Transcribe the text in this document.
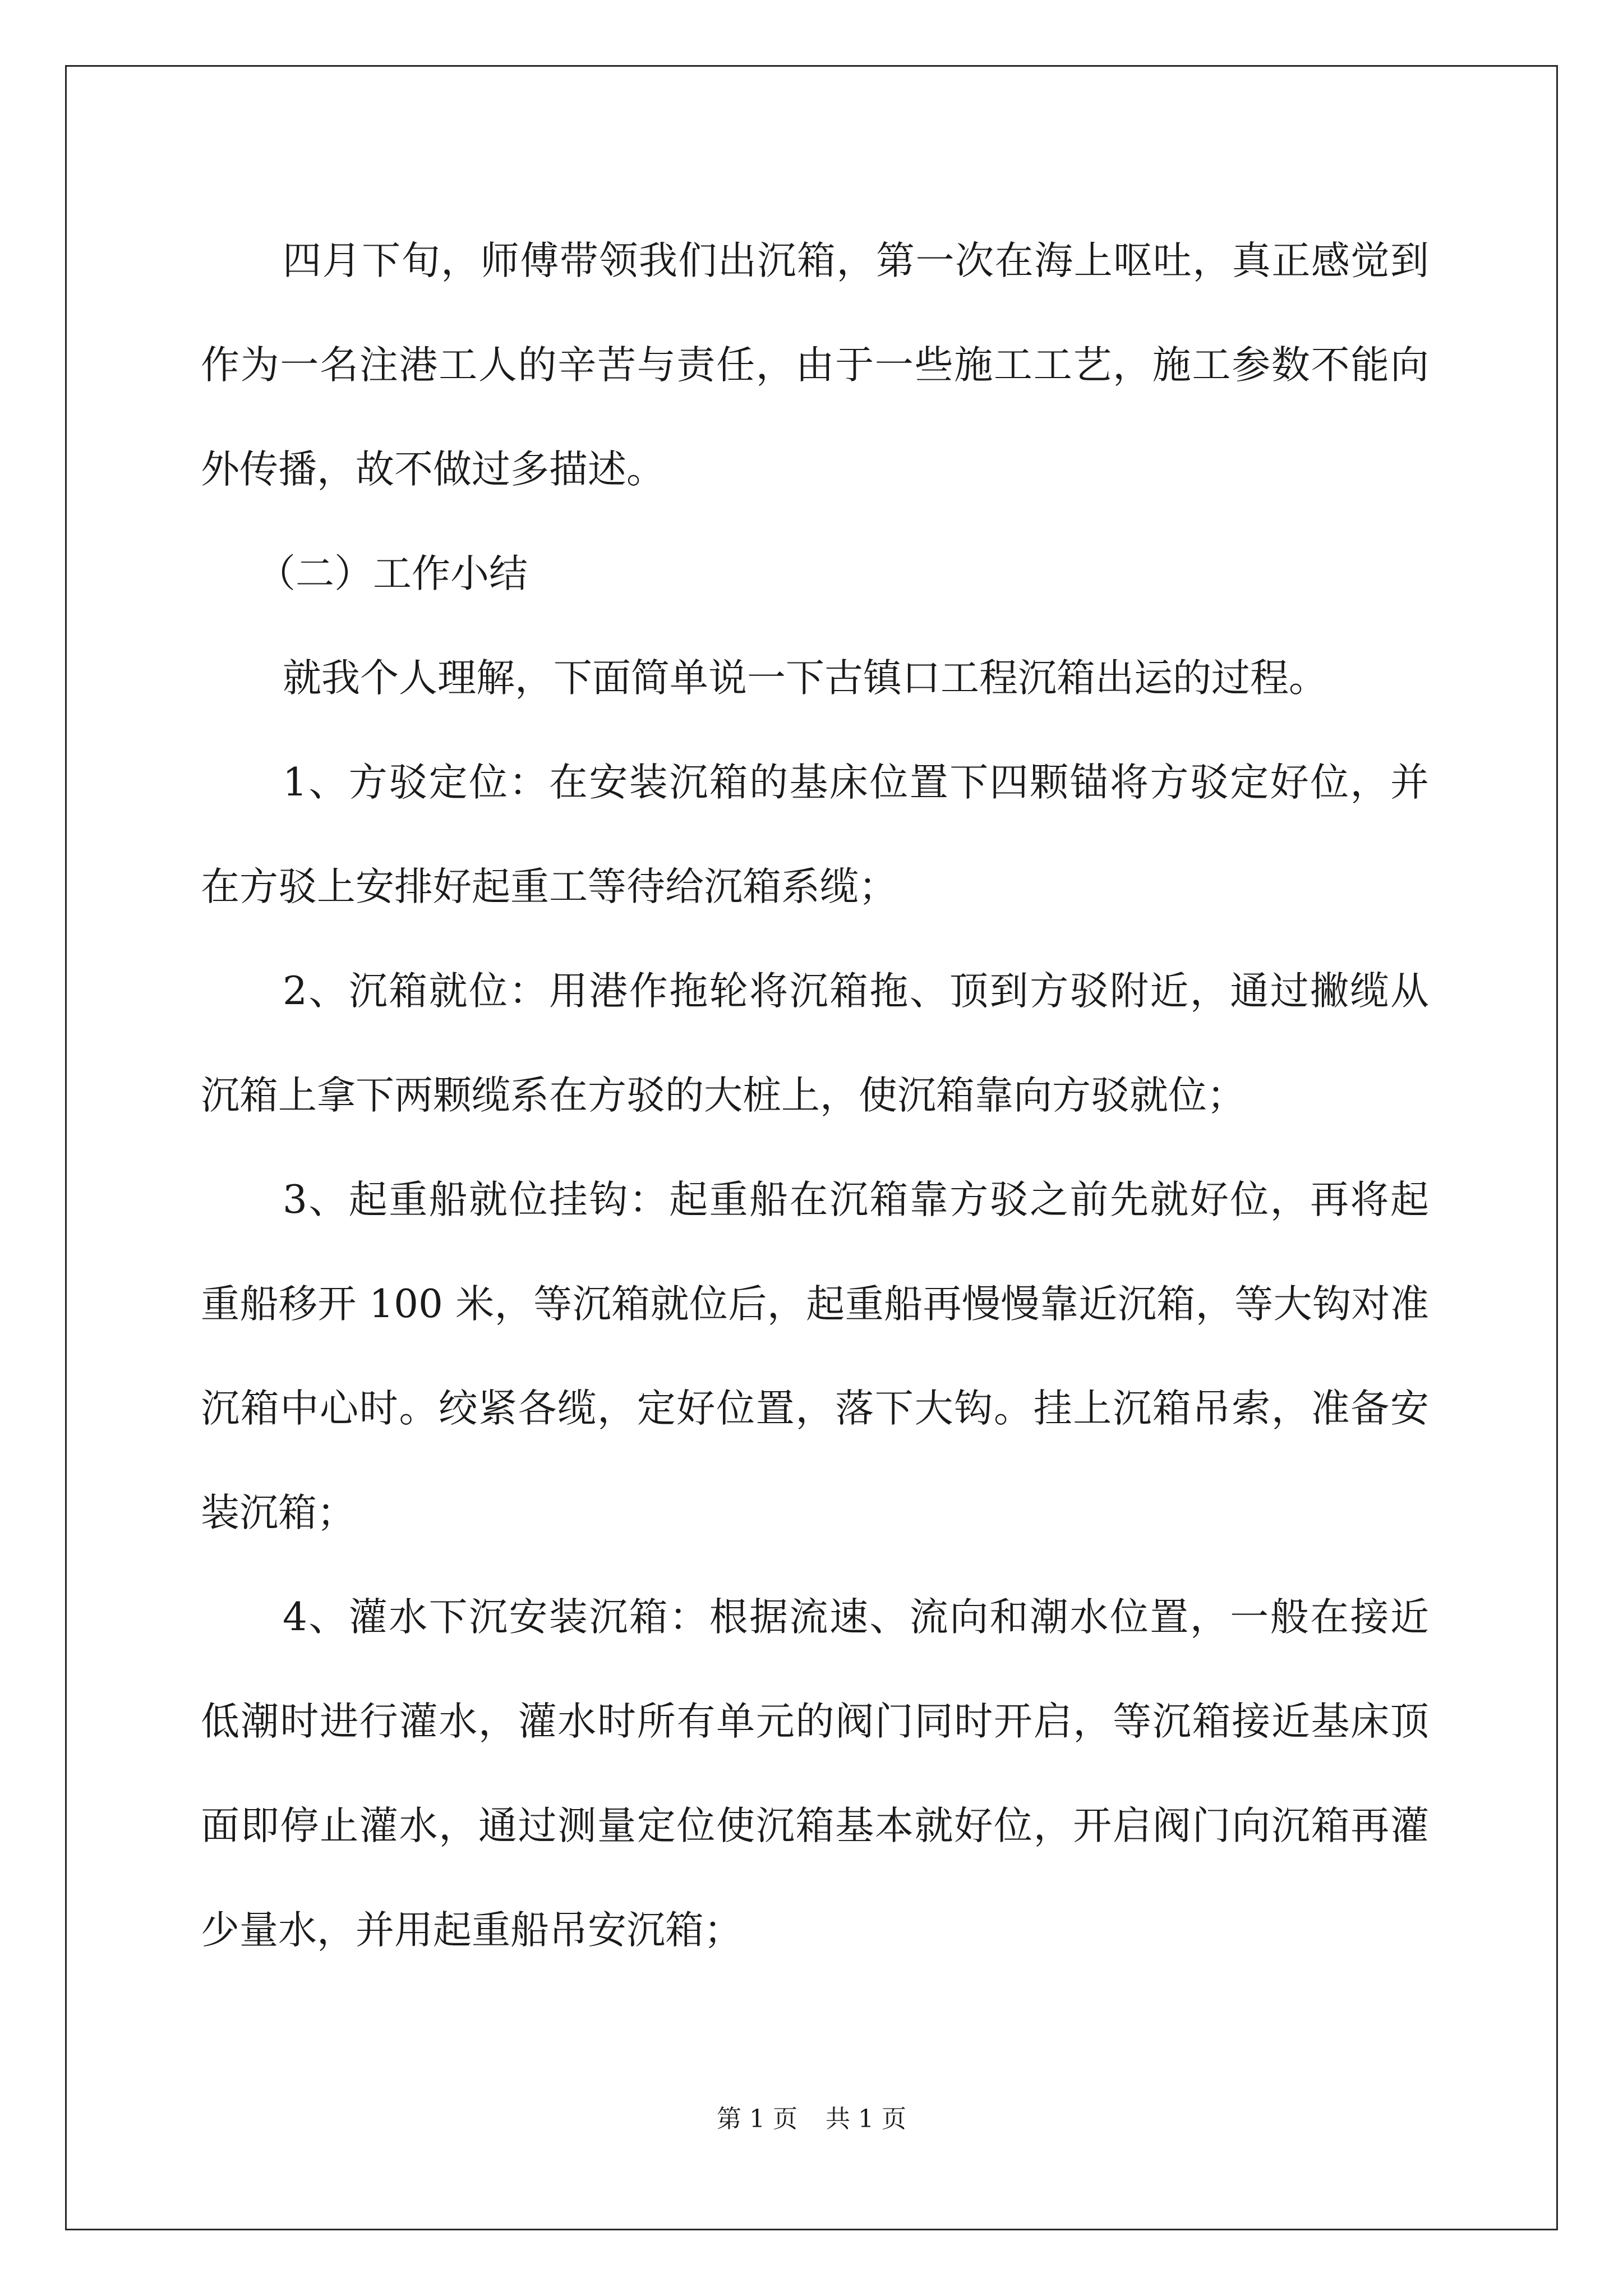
四月下旬，师傅带领我们出沉箱，第一次在海上呕吐，真正感觉到作为一名注港工人的辛苦与责任，由于一些施工工艺，施工参数不能向外传播，故不做过多描述。

（二）工作小结

就我个人理解，下面简单说一下古镇口工程沉箱出运的过程。

1、方驳定位：在安装沉箱的基床位置下四颗锚将方驳定好位，并在方驳上安排好起重工等待给沉箱系缆；

2、沉箱就位：用港作拖轮将沉箱拖、顶到方驳附近，通过撇缆从沉箱上拿下两颗缆系在方驳的大桩上，使沉箱靠向方驳就位；

3、起重船就位挂钩：起重船在沉箱靠方驳之前先就好位，再将起重船移开 100 米，等沉箱就位后，起重船再慢慢靠近沉箱，等大钩对准沉箱中心时。绞紧各缆，定好位置，落下大钩。挂上沉箱吊索，准备安装沉箱；

4、灌水下沉安装沉箱：根据流速、流向和潮水位置，一般在接近低潮时进行灌水，灌水时所有单元的阀门同时开启，等沉箱接近基床顶面即停止灌水，通过测量定位使沉箱基本就好位，开启阀门向沉箱再灌少量水，并用起重船吊安沉箱；

第 1 页 共 1 页
